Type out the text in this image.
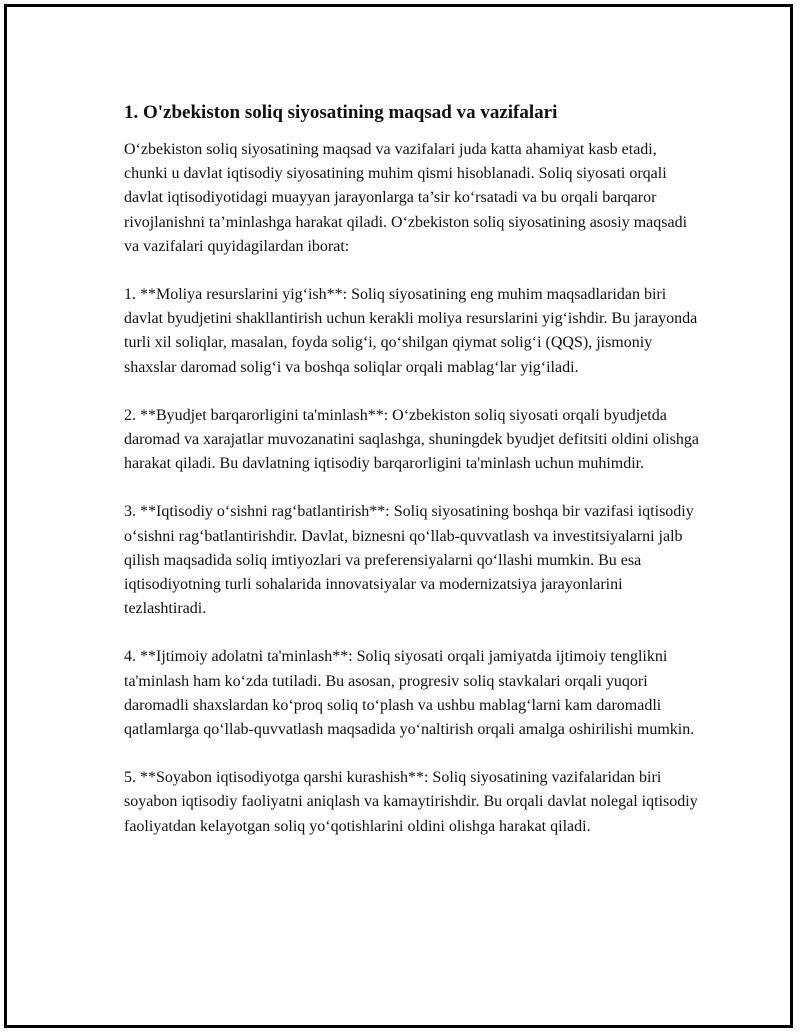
1. O'zbekiston soliq siyosatining maqsad va vazifalari

O‘zbekiston soliq siyosatining maqsad va vazifalari juda katta ahamiyat kasb etadi, chunki u davlat iqtisodiy siyosatining muhim qismi hisoblanadi. Soliq siyosati orqali davlat iqtisodiyotidagi muayyan jarayonlarga ta’sir ko‘rsatadi va bu orqali barqaror rivojlanishni ta’minlashga harakat qiladi. O‘zbekiston soliq siyosatining asosiy maqsadi va vazifalari quyidagilardan iborat:

1. **Moliya resurslarini yig‘ish**: Soliq siyosatining eng muhim maqsadlaridan biri davlat byudjetini shakllantirish uchun kerakli moliya resurslarini yig‘ishdir. Bu jarayonda turli xil soliqlar, masalan, foyda solig‘i, qo‘shilgan qiymat solig‘i (QQS), jismoniy shaxslar daromad solig‘i va boshqa soliqlar orqali mablag‘lar yig‘iladi.

2. **Byudjet barqarorligini ta'minlash**: O‘zbekiston soliq siyosati orqali byudjetda daromad va xarajatlar muvozanatini saqlashga, shuningdek byudjet defitsiti oldini olishga harakat qiladi. Bu davlatning iqtisodiy barqarorligini ta'minlash uchun muhimdir.

3. **Iqtisodiy o‘sishni rag‘batlantirish**: Soliq siyosatining boshqa bir vazifasi iqtisodiy o‘sishni rag‘batlantirishdir. Davlat, biznesni qo‘llab-quvvatlash va investitsiyalarni jalb qilish maqsadida soliq imtiyozlari va preferensiyalarni qo‘llashi mumkin. Bu esa iqtisodiyotning turli sohalarida innovatsiyalar va modernizatsiya jarayonlarini tezlashtiradi.

4. **Ijtimoiy adolatni ta'minlash**: Soliq siyosati orqali jamiyatda ijtimoiy tenglikni ta'minlash ham ko‘zda tutiladi. Bu asosan, progresiv soliq stavkalari orqali yuqori daromadli shaxslardan ko‘proq soliq to‘plash va ushbu mablag‘larni kam daromadli qatlamlarga qo‘llab-quvvatlash maqsadida yo‘naltirish orqali amalga oshirilishi mumkin.

5. **Soyabon iqtisodiyotga qarshi kurashish**: Soliq siyosatining vazifalaridan biri soyabon iqtisodiy faoliyatni aniqlash va kamaytirishdir. Bu orqali davlat nolegal iqtisodiy faoliyatdan kelayotgan soliq yo‘qotishlarini oldini olishga harakat qiladi.
